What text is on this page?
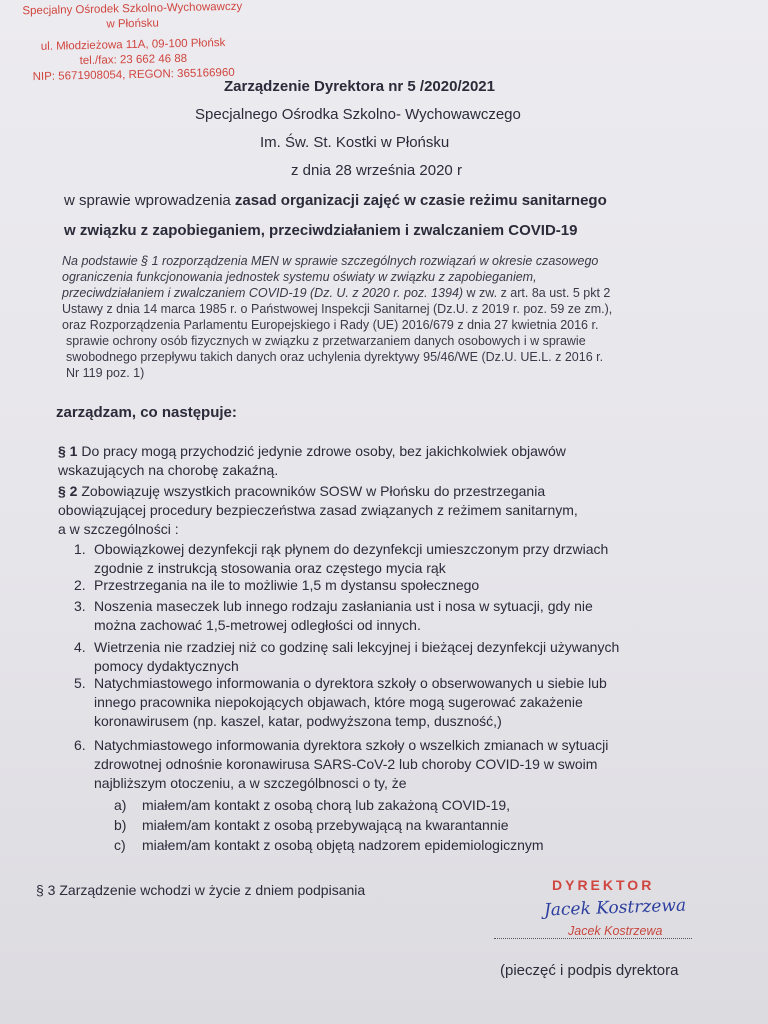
Specjalny Ośrodek Szkolno-Wychowawczy
w Płońsku
ul. Młodzieżowa 11A, 09-100 Płońsk
tel./fax: 23 662 46 88
NIP: 5671908054, REGON: 365166960
Zarządzenie Dyrektora nr 5 /2020/2021
Specjalnego Ośrodka Szkolno- Wychowawczego
Im. Św. St. Kostki w Płońsku
z dnia 28 września 2020 r
w sprawie wprowadzenia zasad organizacji zajęć w czasie reżimu sanitarnego
w związku z zapobieganiem, przeciwdziałaniem i zwalczaniem COVID-19
Na podstawie § 1 rozporządzenia MEN w sprawie szczególnych rozwiązań w okresie czasowego
ograniczenia funkcjonowania jednostek systemu oświaty w związku z zapobieganiem,
przeciwdziałaniem i zwalczaniem COVID-19 (Dz. U. z 2020 r. poz. 1394) w zw. z art. 8a ust. 5 pkt 2
Ustawy z dnia 14 marca 1985 r. o Państwowej Inspekcji Sanitarnej (Dz.U. z 2019 r. poz. 59 ze zm.),
oraz Rozporządzenia Parlamentu Europejskiego i Rady (UE) 2016/679 z dnia 27 kwietnia 2016 r.
sprawie ochrony osób fizycznych w związku z przetwarzaniem danych osobowych i w sprawie
swobodnego przepływu takich danych oraz uchylenia dyrektywy 95/46/WE (Dz.U. UE.L. z 2016 r.
Nr 119 poz. 1)
zarządzam, co następuje:
§ 1 Do pracy mogą przychodzić jedynie zdrowe osoby, bez jakichkolwiek objawów
wskazujących na chorobę zakaźną.
§ 2 Zobowiązuję wszystkich pracowników SOSW w Płońsku do przestrzegania
obowiązującej procedury bezpieczeństwa zasad związanych z reżimem sanitarnym,
a w szczególności :
1. Obowiązkowej dezynfekcji rąk płynem do dezynfekcji umieszczonym przy drzwiach
zgodnie z instrukcją stosowania oraz częstego mycia rąk
2. Przestrzegania na ile to możliwie 1,5 m dystansu społecznego
3. Noszenia maseczek lub innego rodzaju zasłaniania ust i nosa w sytuacji, gdy nie
można zachować 1,5-metrowej odległości od innych.
4. Wietrzenia nie rzadziej niż co godzinę sali lekcyjnej i bieżącej dezynfekcji używanych
pomocy dydaktycznych
5. Natychmiastowego informowania o dyrektora szkoły o obserwowanych u siebie lub
innego pracownika niepokojących objawach, które mogą sugerować zakażenie
koronawirusem (np. kaszel, katar, podwyższona temp, duszność,)
6. Natychmiastowego informowania dyrektora szkoły o wszelkich zmianach w sytuacji
zdrowotnej odnośnie koronawirusa SARS-CoV-2 lub choroby COVID-19 w swoim
najbliższym otoczeniu, a w szczególbnosci o ty, że
a) miałem/am kontakt z osobą chorą lub zakażoną COVID-19,
b) miałem/am kontakt z osobą przebywającą na kwarantannie
c) miałem/am kontakt z osobą objętą nadzorem epidemiologicznym
§ 3 Zarządzenie wchodzi w życie z dniem podpisania	DYREKTOR
Jacek Kostrzewa
Jacek Kostrzewa
(pieczęć i podpis dyrektora
